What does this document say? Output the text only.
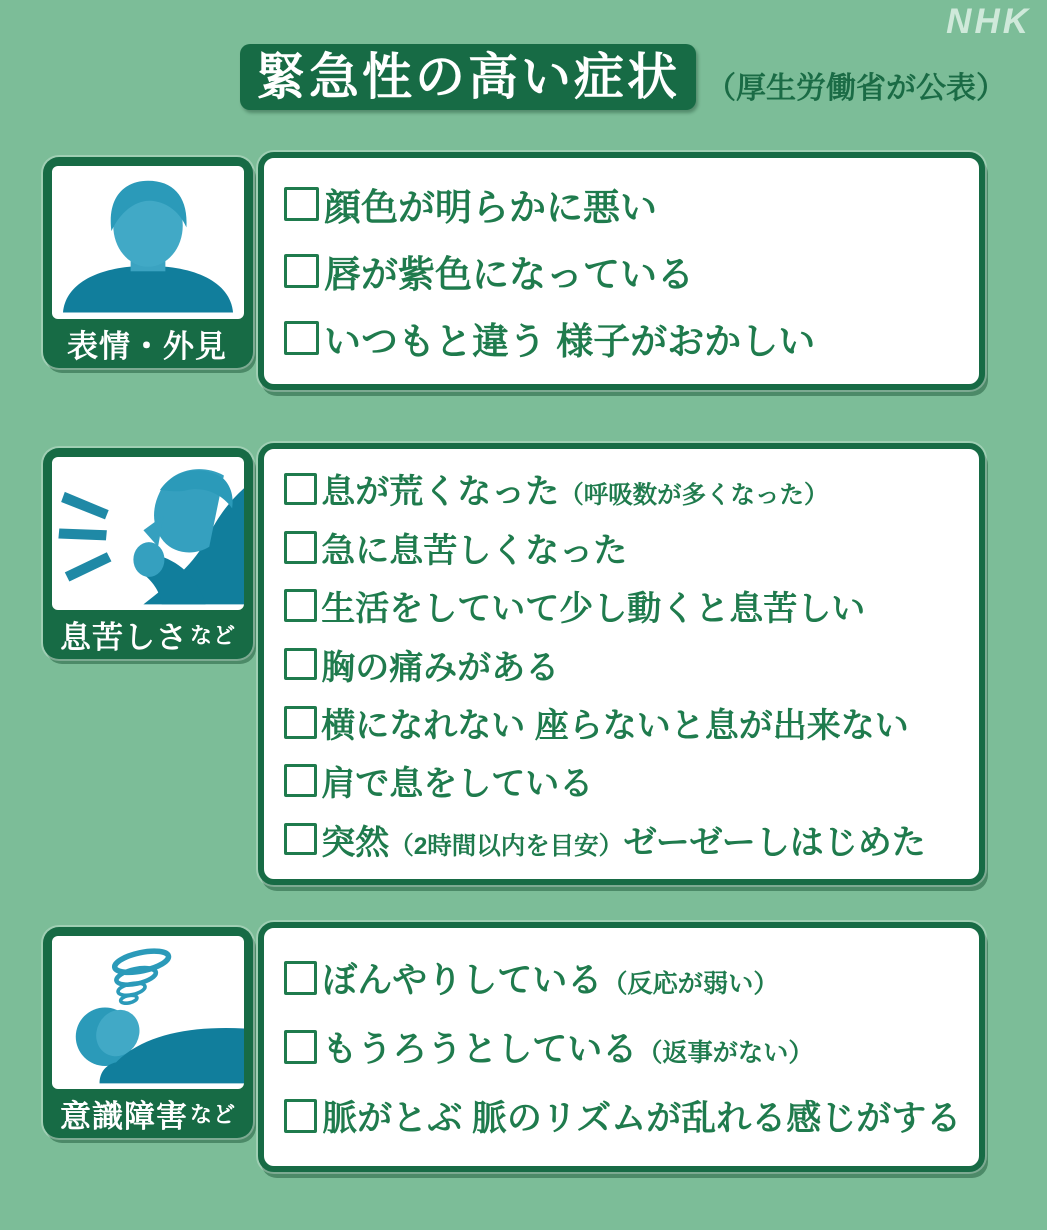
NHK
緊急性の高い症状 （厚生労働省が公表）
表情・外見
顔色が明らかに悪い
唇が紫色になっている
いつもと違う 様子がおかしい
息苦しさ など
息が荒くなった（呼吸数が多くなった）
急に息苦しくなった
生活をしていて少し動くと息苦しい
胸の痛みがある
横になれない 座らないと息が出来ない
肩で息をしている
突然（2時間以内を目安）ゼーゼーしはじめた
意識障害 など
ぼんやりしている（反応が弱い）
もうろうとしている（返事がない）
脈がとぶ 脈のリズムが乱れる感じがする
